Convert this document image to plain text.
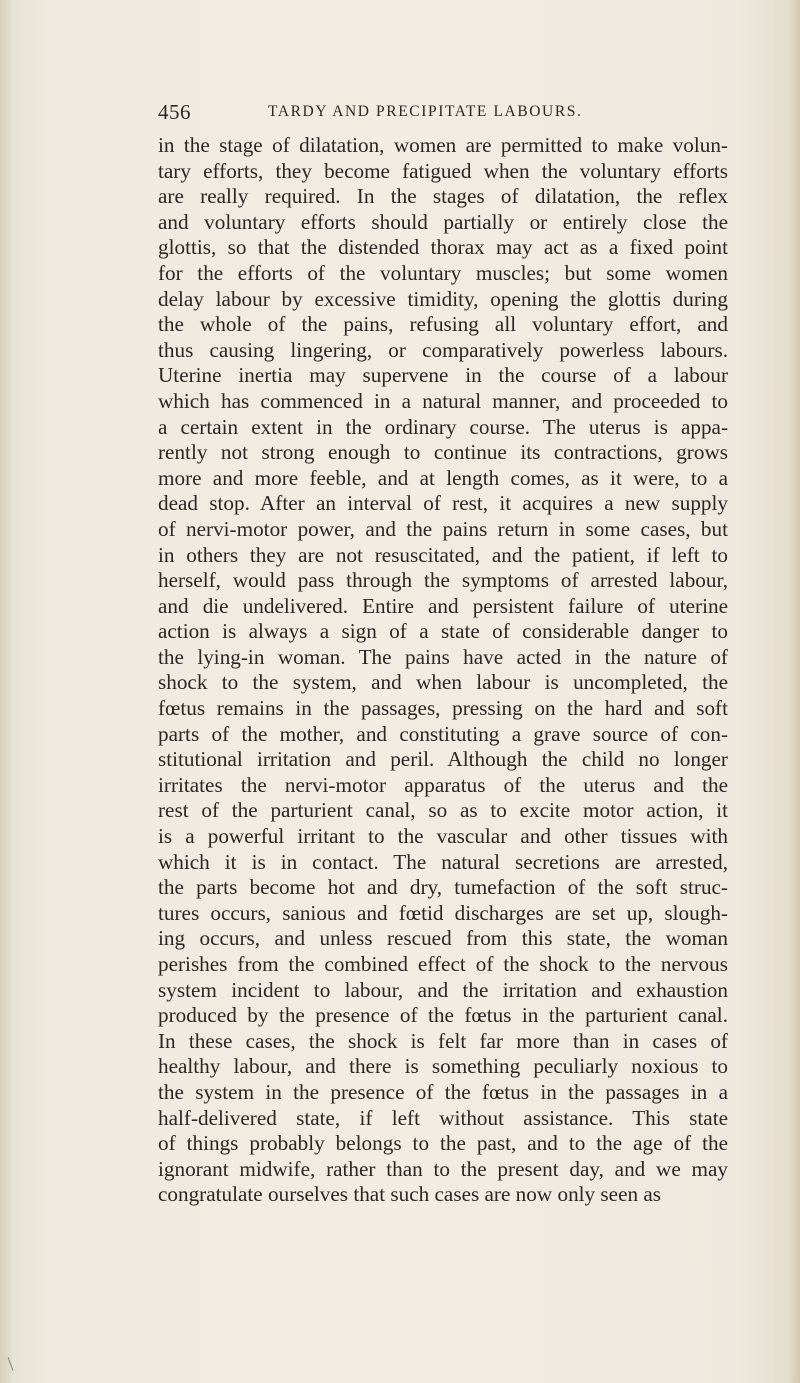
456	TARDY AND PRECIPITATE LABOURS.
in the stage of dilatation, women are permitted to make volun-
tary efforts, they become fatigued when the voluntary efforts
are really required. In the stages of dilatation, the reflex
and voluntary efforts should partially or entirely close the
glottis, so that the distended thorax may act as a fixed point
for the efforts of the voluntary muscles; but some women
delay labour by excessive timidity, opening the glottis during
the whole of the pains, refusing all voluntary effort, and
thus causing lingering, or comparatively powerless labours.
Uterine inertia may supervene in the course of a labour
which has commenced in a natural manner, and proceeded to
a certain extent in the ordinary course. The uterus is appa-
rently not strong enough to continue its contractions, grows
more and more feeble, and at length comes, as it were, to a
dead stop. After an interval of rest, it acquires a new supply
of nervi-motor power, and the pains return in some cases, but
in others they are not resuscitated, and the patient, if left to
herself, would pass through the symptoms of arrested labour,
and die undelivered. Entire and persistent failure of uterine
action is always a sign of a state of considerable danger to
the lying-in woman. The pains have acted in the nature of
shock to the system, and when labour is uncompleted, the
fœtus remains in the passages, pressing on the hard and soft
parts of the mother, and constituting a grave source of con-
stitutional irritation and peril. Although the child no longer
irritates the nervi-motor apparatus of the uterus and the
rest of the parturient canal, so as to excite motor action, it
is a powerful irritant to the vascular and other tissues with
which it is in contact. The natural secretions are arrested,
the parts become hot and dry, tumefaction of the soft struc-
tures occurs, sanious and fœtid discharges are set up, slough-
ing occurs, and unless rescued from this state, the woman
perishes from the combined effect of the shock to the nervous
system incident to labour, and the irritation and exhaustion
produced by the presence of the fœtus in the parturient canal.
In these cases, the shock is felt far more than in cases of
healthy labour, and there is something peculiarly noxious to
the system in the presence of the fœtus in the passages in a
half-delivered state, if left without assistance. This state
of things probably belongs to the past, and to the age of the
ignorant midwife, rather than to the present day, and we may
congratulate ourselves that such cases are now only seen as
